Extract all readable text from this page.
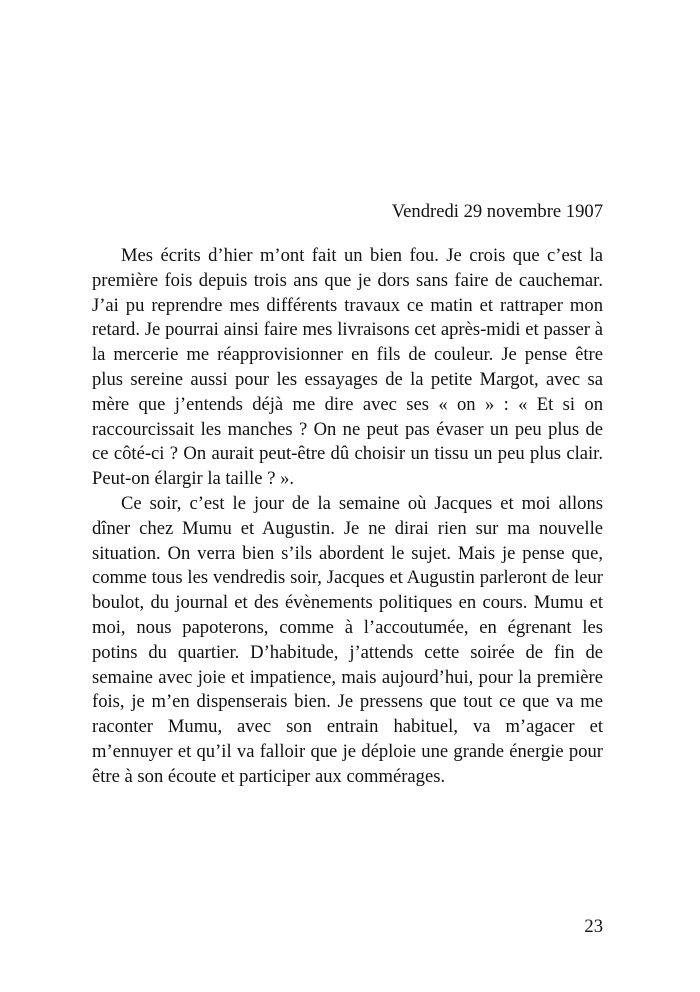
Vendredi 29 novembre 1907

Mes écrits d’hier m’ont fait un bien fou. Je crois que c’est la première fois depuis trois ans que je dors sans faire de cauchemar. J’ai pu reprendre mes différents travaux ce matin et rattraper mon retard. Je pourrai ainsi faire mes livraisons cet après-midi et passer à la mercerie me réapprovisionner en fils de couleur. Je pense être plus sereine aussi pour les essayages de la petite Margot, avec sa mère que j’entends déjà me dire avec ses « on » : « Et si on raccourcissait les manches ? On ne peut pas évaser un peu plus de ce côté-ci ? On aurait peut-être dû choisir un tissu un peu plus clair. Peut-on élargir la taille ? ».

Ce soir, c’est le jour de la semaine où Jacques et moi allons dîner chez Mumu et Augustin. Je ne dirai rien sur ma nouvelle situation. On verra bien s’ils abordent le sujet. Mais je pense que, comme tous les vendredis soir, Jacques et Augustin parleront de leur boulot, du journal et des évènements politiques en cours. Mumu et moi, nous papoterons, comme à l’accoutumée, en égrenant les potins du quartier. D’habitude, j’attends cette soirée de fin de semaine avec joie et impatience, mais aujourd’hui, pour la première fois, je m’en dispenserais bien. Je pressens que tout ce que va me raconter Mumu, avec son entrain habituel, va m’agacer et m’ennuyer et qu’il va falloir que je déploie une grande énergie pour être à son écoute et participer aux commérages.

23
